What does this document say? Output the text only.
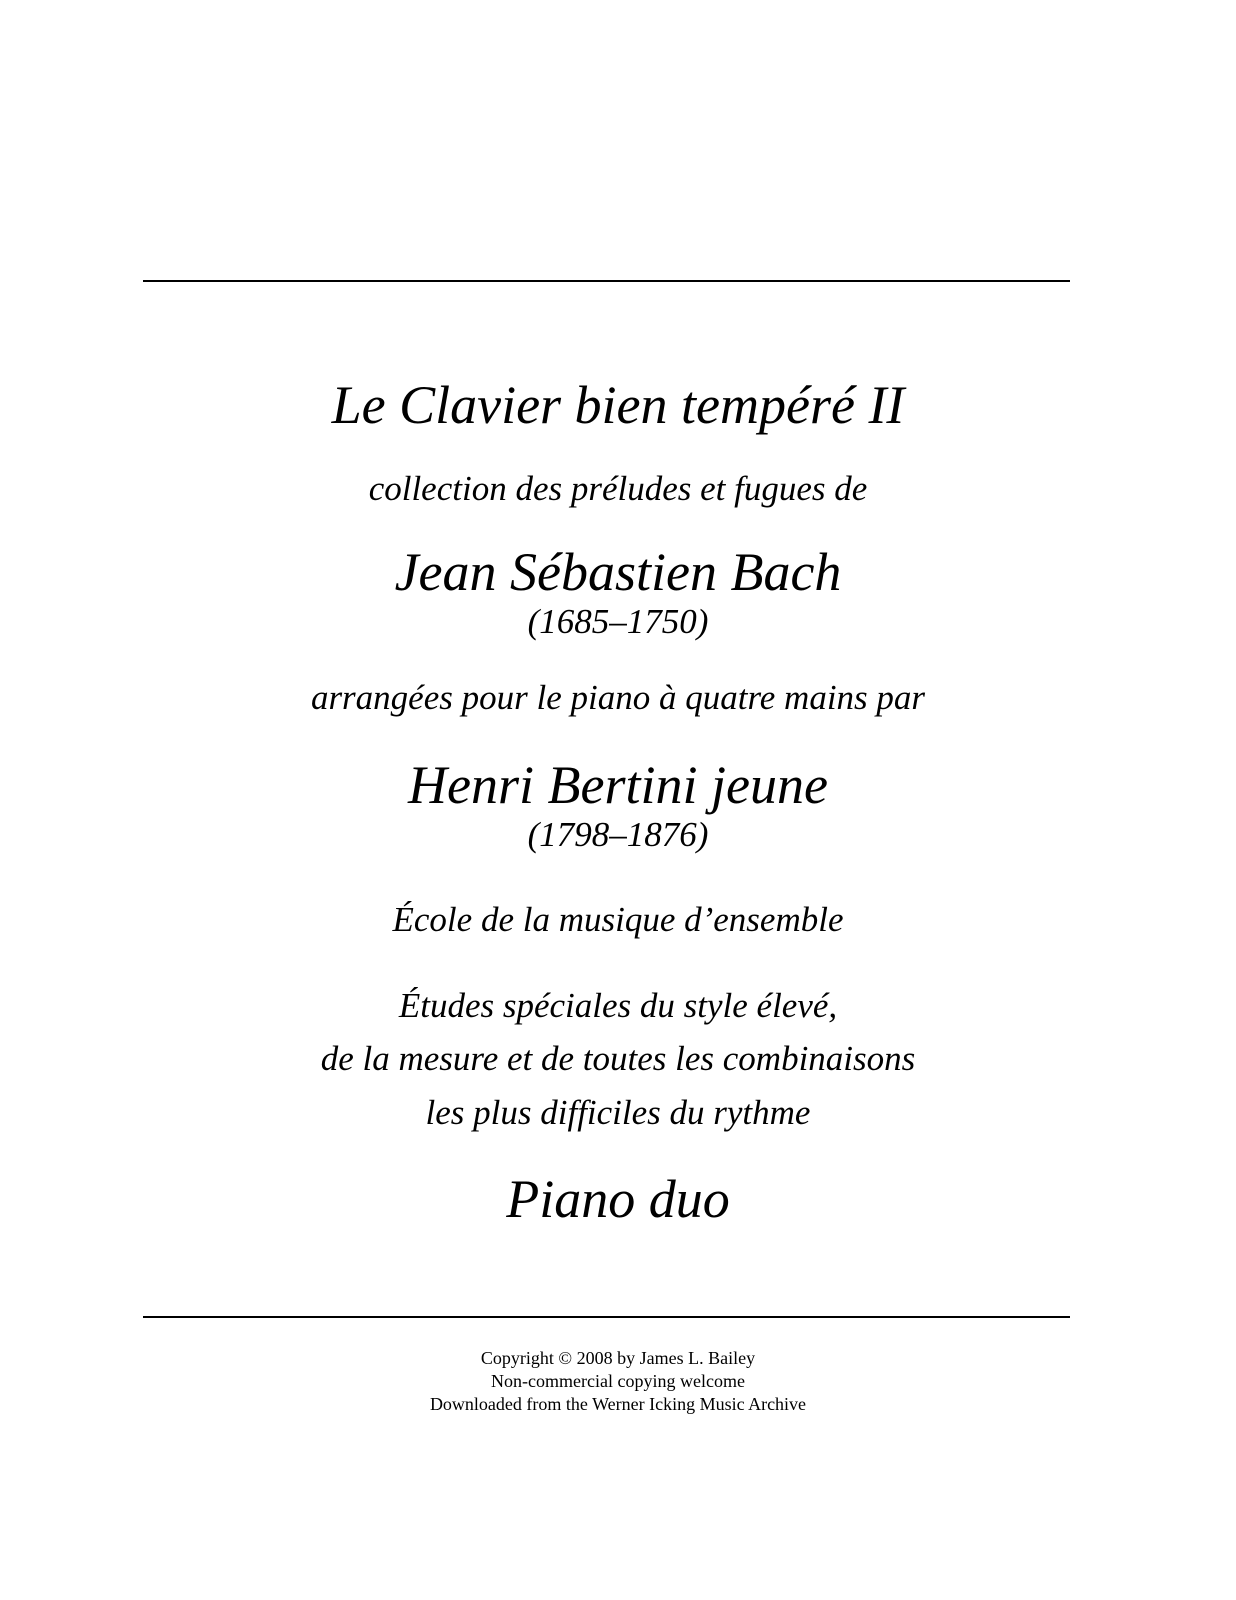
Le Clavier bien tempéré II
collection des préludes et fugues de
Jean Sébastien Bach
(1685–1750)
arrangées pour le piano à quatre mains par
Henri Bertini jeune
(1798–1876)
École de la musique d’ensemble
Études spéciales du style élevé,
de la mesure et de toutes les combinaisons
les plus difficiles du rythme
Piano duo
Copyright © 2008 by James L. Bailey
Non-commercial copying welcome
Downloaded from the Werner Icking Music Archive
